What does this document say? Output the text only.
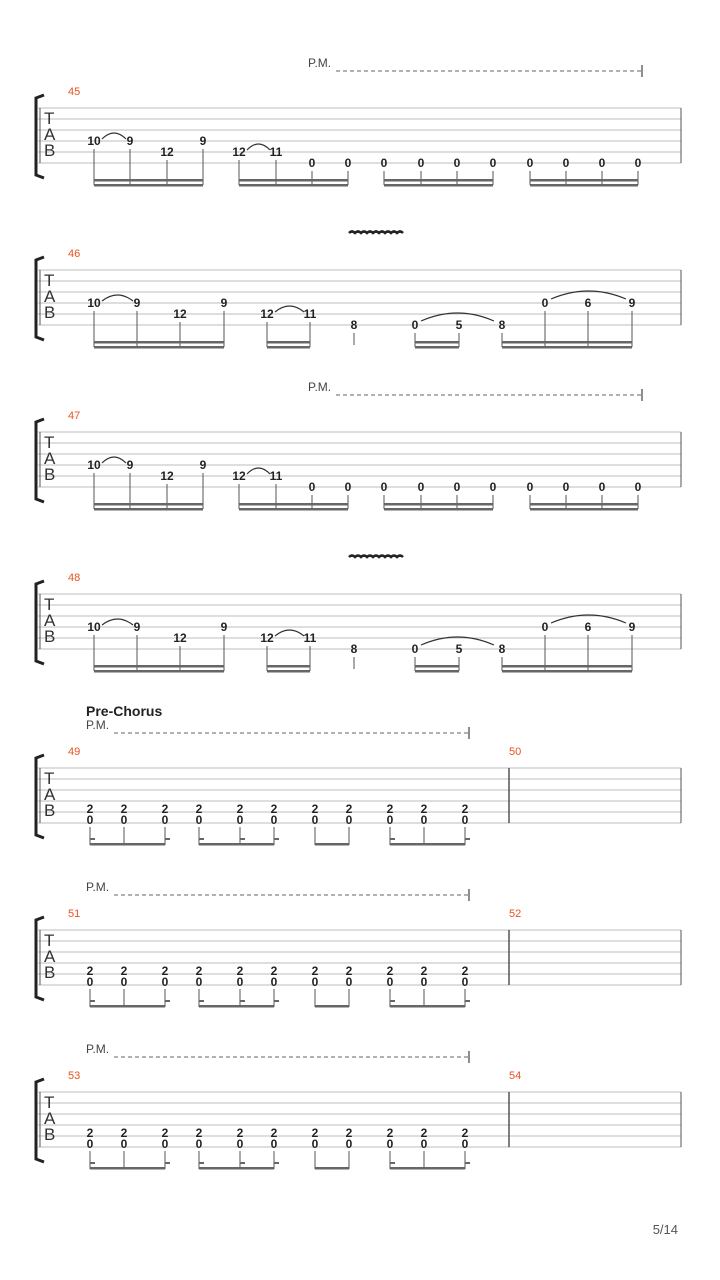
T
A
B
45
P.M.
10 9
12
9
12 11
0 0 0	0 0 0	0 0 0 0
T
A
B
46
10	9
12
9
12 11
8	0	5	8
0	6	9
T
A
B
47
P.M.
10 9
12
9
12 11
0 0 0	0 0 0	0 0 0 0
T
A
B
48
10	9
12
9
12 11
8	0	5	8
0	6	9
T
A
B
49	50
P.M.
2
0
2
0
2
0
2
0
2
0
2
0
2
0
2
0
2
0
2
0
2
0
T
A
B
51	52
P.M.
2
0
2
0
2
0
2
0
2
0
2
0
2
0
2
0
2
0
2
0
2
0
T
A
B
53	54
P.M.
2
0
2
0
2
0
2
0
2
0
2
0
2
0
2
0
2
0
2
0
2
0
Pre-Chorus
5/14
